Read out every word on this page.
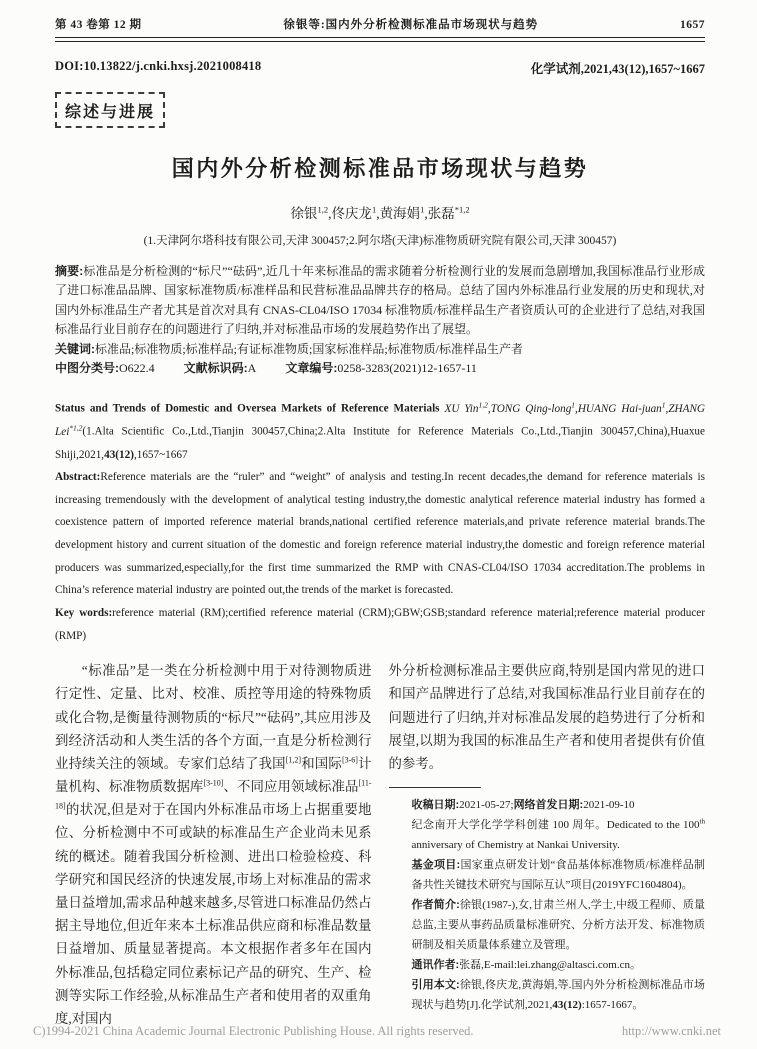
第 43 卷第 12 期	徐银等:国内外分析检测标准品市场现状与趋势	1657
DOI:10.13822/j.cnki.hxsj.2021008418	化学试剂,2021,43(12),1657~1667
综述与进展
国内外分析检测标准品市场现状与趋势
徐银$^{1,2}$,佟庆龙$^1$,黄海娟$^1$,张磊$^{*1,2}$
(1.天津阿尔塔科技有限公司,天津 300457;2.阿尔塔(天津)标准物质研究院有限公司,天津 300457)

摘要:标准品是分析检测的“标尺”“砝码”,近几十年来标准品的需求随着分析检测行业的发展而急剧增加,我国标准品行业形成了进口标准品品牌、国家标准物质/标准样品和民营标准品品牌共存的格局。总结了国内外标准品行业发展的历史和现状,对国内外标准品生产者尤其是首次对具有 CNAS-CL04/ISO 17034 标准物质/标准样品生产者资质认可的企业进行了总结,对我国标准品行业目前存在的问题进行了归纳,并对标准品市场的发展趋势作出了展望。

关键词:标准品;标准物质;标准样品;有证标准物质;国家标准样品;标准物质/标准样品生产者

中图分类号:O622.4 文献标识码:A 文章编号:0258-3283(2021)12-1657-11

Status and Trends of Domestic and Oversea Markets of Reference Materials XU Yin$^{1,2}$,TONG Qing-long$^1$,HUANG Hai-juan$^1$,ZHANG Lei$^{*1,2}$(1.Alta Scientific Co.,Ltd.,Tianjin 300457,China;2.Alta Institute for Reference Materials Co.,Ltd.,Tianjin 300457,China),Huaxue Shiji,2021,43(12),1657~1667

Abstract:Reference materials are the “ruler” and “weight” of analysis and testing.In recent decades,the demand for reference materials is increasing tremendously with the development of analytical testing industry,the domestic analytical reference material industry has formed a coexistence pattern of imported reference material brands,national certified reference materials,and private reference material brands.The development history and current situation of the domestic and foreign reference material industry,the domestic and foreign reference material producers was summarized,especially,for the first time summarized the RMP with CNAS-CL04/ISO 17034 accreditation.The problems in China’s reference material industry are pointed out,the trends of the market is forecasted.

Key words:reference material (RM);certified reference material (CRM);GBW;GSB;standard reference material;reference material producer (RMP)

“标准品”是一类在分析检测中用于对待测物质进行定性、定量、比对、校准、质控等用途的特殊物质或化合物,是衡量待测物质的“标尺”“砝码”,其应用涉及到经济活动和人类生活的各个方面,一直是分析检测行业持续关注的领域。专家们总结了我国[1,2]和国际[3-6]计量机构、标准物质数据库[3-10]、不同应用领域标准品[11-18]的状况,但是对于在国内外标准品市场上占据重要地位、分析检测中不可或缺的标准品生产企业尚未见系统的概述。随着我国分析检测、进出口检验检疫、科学研究和国民经济的快速发展,市场上对标准品的需求量日益增加,需求品种越来越多,尽管进口标准品仍然占据主导地位,但近年来本土标准品供应商和标准品数量日益增加、质量显著提高。本文根据作者多年在国内外标准品,包括稳定同位素标记产品的研究、生产、检测等实际工作经验,从标准品生产者和使用者的双重角度,对国内

外分析检测标准品主要供应商,特别是国内常见的进口和国产品牌进行了总结,对我国标准品行业目前存在的问题进行了归纳,并对标准品发展的趋势进行了分析和展望,以期为我国的标准品生产者和使用者提供有价值的参考。

收稿日期:2021-05-27;网络首发日期:2021-09-10

纪念南开大学化学学科创建 100 周年。Dedicated to the 100th anniversary of Chemistry at Nankai University.

基金项目:国家重点研发计划“食品基体标准物质/标准样品制备共性关键技术研究与国际互认”项目(2019YFC1604804)。

作者简介:徐银(1987-),女,甘肃兰州人,学士,中级工程师、质量总监,主要从事药品质量标准研究、分析方法开发、标准物质研制及相关质量体系建立及管理。

通讯作者:张磊,E-mail:lei.zhang@altasci.com.cn。

引用本文:徐银,佟庆龙,黄海娟,等.国内外分析检测标准品市场现状与趋势[J].化学试剂,2021,43(12):1657-1667。

C)1994-2021 China Academic Journal Electronic Publishing House. All rights reserved.	http://www.cnki.net
